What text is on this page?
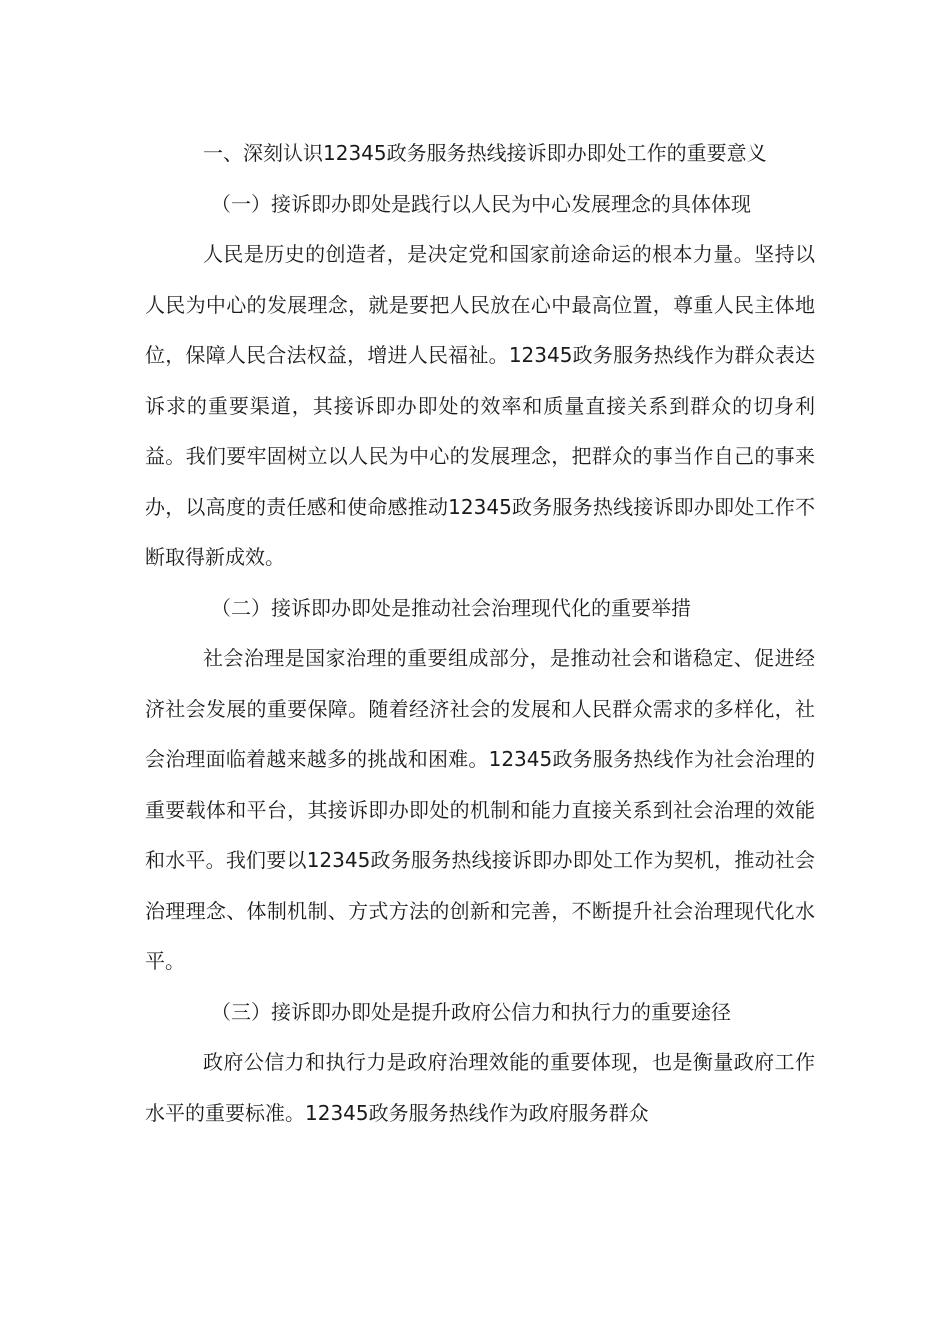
一、深刻认识12345政务服务热线接诉即办即处工作的重要意义

（一）接诉即办即处是践行以人民为中心发展理念的具体体现

人民是历史的创造者，是决定党和国家前途命运的根本力量。坚持以人民为中心的发展理念，就是要把人民放在心中最高位置，尊重人民主体地位，保障人民合法权益，增进人民福祉。12345政务服务热线作为群众表达诉求的重要渠道，其接诉即办即处的效率和质量直接关系到群众的切身利益。我们要牢固树立以人民为中心的发展理念，把群众的事当作自己的事来办，以高度的责任感和使命感推动12345政务服务热线接诉即办即处工作不断取得新成效。

（二）接诉即办即处是推动社会治理现代化的重要举措

社会治理是国家治理的重要组成部分，是推动社会和谐稳定、促进经济社会发展的重要保障。随着经济社会的发展和人民群众需求的多样化，社会治理面临着越来越多的挑战和困难。12345政务服务热线作为社会治理的重要载体和平台，其接诉即办即处的机制和能力直接关系到社会治理的效能和水平。我们要以12345政务服务热线接诉即办即处工作为契机，推动社会治理理念、体制机制、方式方法的创新和完善，不断提升社会治理现代化水平。

（三）接诉即办即处是提升政府公信力和执行力的重要途径

政府公信力和执行力是政府治理效能的重要体现，也是衡量政府工作水平的重要标准。12345政务服务热线作为政府服务群众
